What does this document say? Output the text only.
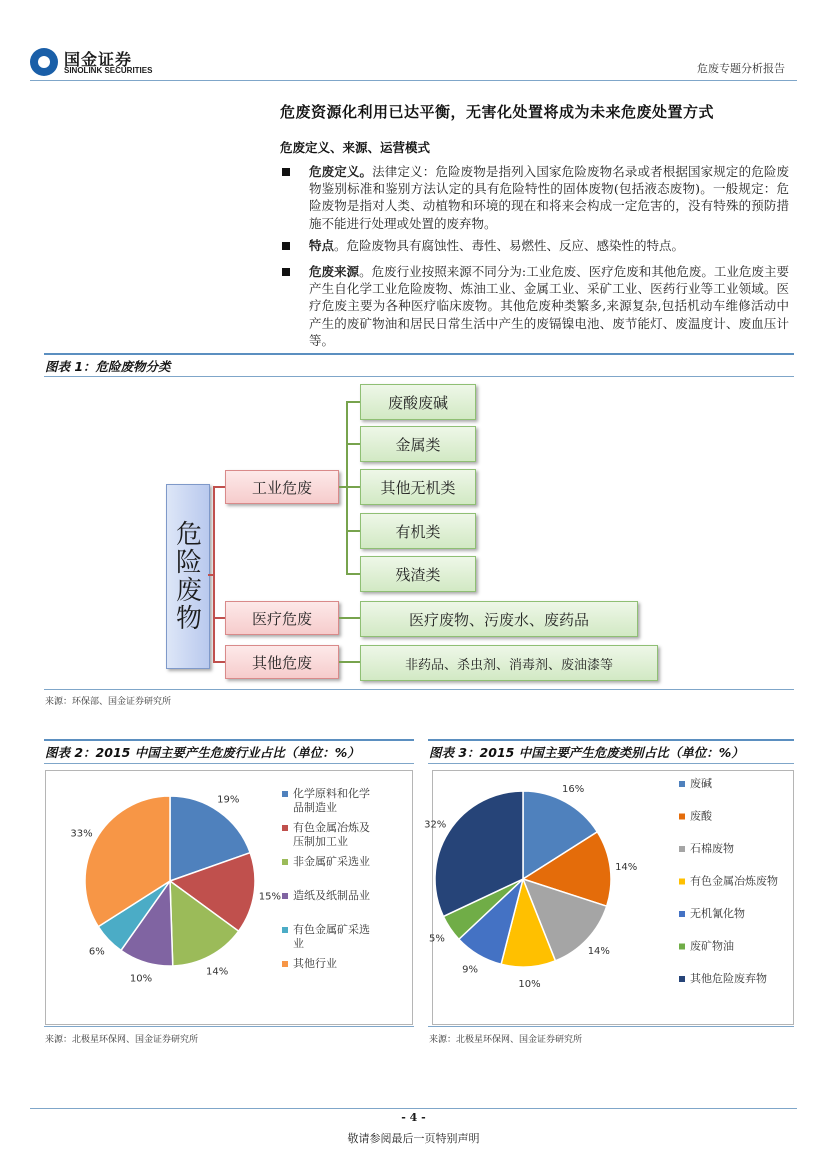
国金证券
SINOLINK SECURITIES	危废专题分析报告
危废资源化利用已达平衡，无害化处置将成为未来危废处置方式
危废定义、来源、运营模式
危废定义。法律定义：危险废物是指列入国家危险废物名录或者根据国家规定的危险废物鉴别标准和鉴别方法认定的具有危险特性的固体废物(包括液态废物)。一般规定：危险废物是指对人类、动植物和环境的现在和将来会构成一定危害的，没有特殊的预防措施不能进行处理或处置的废弃物。
特点。危险废物具有腐蚀性、毒性、易燃性、反应、感染性的特点。
危废来源。危废行业按照来源不同分为:工业危废、医疗危废和其他危废。工业危废主要产生自化学工业危险废物、炼油工业、金属工业、采矿工业、医药行业等工业领域。医疗危废主要为各种医疗临床废物。其他危废种类繁多,来源复杂,包括机动车维修活动中产生的废矿物油和居民日常生活中产生的废镉镍电池、废节能灯、废温度计、废血压计等。
图表 1：危险废物分类
危险废物
工业危废
医疗危废
其他危废
废酸废碱
金属类
其他无机类
有机类
残渣类
医疗废物、污废水、废药品
非药品、杀虫剂、消毒剂、废油漆等
来源：环保部、国金证券研究所
图表 2：2015 中国主要产生危废行业占比（单位：%）
19%
15%
14%
10%
6%
33%
化学原料和化学
品制造业
有色金属冶炼及
压制加工业
非金属矿采选业
造纸及纸制品业
有色金属矿采选
业
其他行业
来源：北极星环保网、国金证券研究所
图表 3：2015 中国主要产生危废类别占比（单位：%）
16%
14%
14%
10%
9%
5%
32%
废碱
废酸
石棉废物
有色金属冶炼废物
无机氰化物
废矿物油
其他危险废弃物
来源：北极星环保网、国金证券研究所
- 4 -
敬请参阅最后一页特别声明
